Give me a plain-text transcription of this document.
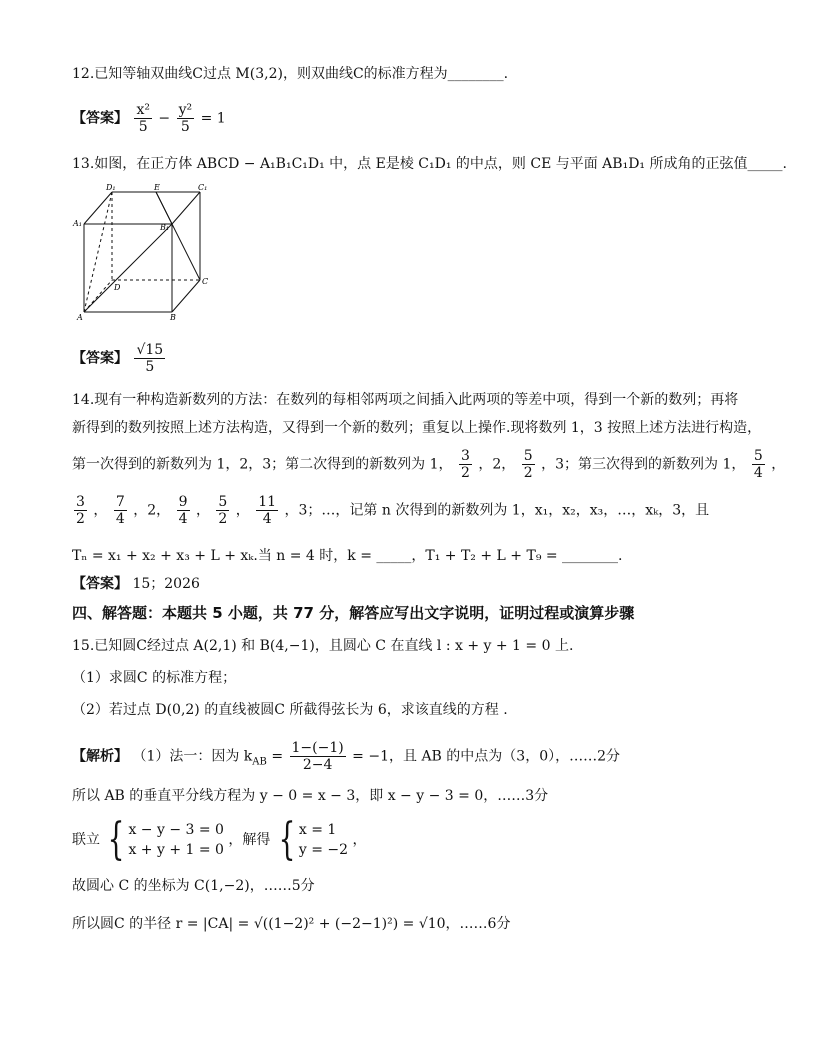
12.已知等轴双曲线C过点 M(3,2)，则双曲线C的标准方程为________.
【答案】 $\frac{\text{x²}}{5} - \frac{\text{y²}}{5} = 1$
13.如图，在正方体 ABCD − A₁B₁C₁D₁ 中，点 E是棱 C₁D₁ 的中点，则 CE 与平面 AB₁D₁ 所成角的正弦值_____.
D₁	E	C₁
A₁	B₁
C
D
A	B
【答案】 $\frac{√15}{5}$
14.现有一种构造新数列的方法：在数列的每相邻两项之间插入此两项的等差中项，得到一个新的数列；再将
新得到的数列按照上述方法构造，又得到一个新的数列；重复以上操作.现将数列 1，3 按照上述方法进行构造，
第一次得到的新数列为 1，2，3；第二次得到的新数列为 1， $\frac{3}{2}$ ，2， $\frac{5}{2}$ ，3；第三次得到的新数列为 1， $\frac{5}{4}$ ，
$\frac{3}{2}$ ， $\frac{7}{4}$ ，2， $\frac{9}{4}$ ， $\frac{5}{2}$ ， $\frac{11}{4}$ ，3；…，记第 n 次得到的新数列为 1，x₁，x₂，x₃，…，xₖ，3，且
Tₙ = x₁ + x₂ + x₃ + L + xₖ.当 n = 4 时，k = _____，T₁ + T₂ + L + T₉ = ________.
【答案】 15；2026
四、解答题：本题共 5 小题，共 77 分，解答应写出文字说明，证明过程或演算步骤
15.已知圆C经过点 A(2,1) 和 B(4,−1)，且圆心 C 在直线 l : x + y + 1 = 0 上.
（1）求圆C 的标准方程；
（2）若过点 D(0,2) 的直线被圆C 所截得弦长为 6，求该直线的方程 .
【解析】 （1）法一：因为 $k_{AB} = \frac{1-(-1)}{2-4} = -1$，且 AB 的中点为（3，0），……2分
所以 AB 的垂直平分线方程为 y − 0 = x − 3，即 x − y − 3 = 0，……3分
联立 { x − y − 3 = 0
x + y + 1 = 0
，解得 { x = 1
y = −2
，
故圆心 C 的坐标为 C(1,−2)，……5分
所以圆C 的半径 r = |CA| = √((1−2)² + (−2−1)²) = √10，……6分
